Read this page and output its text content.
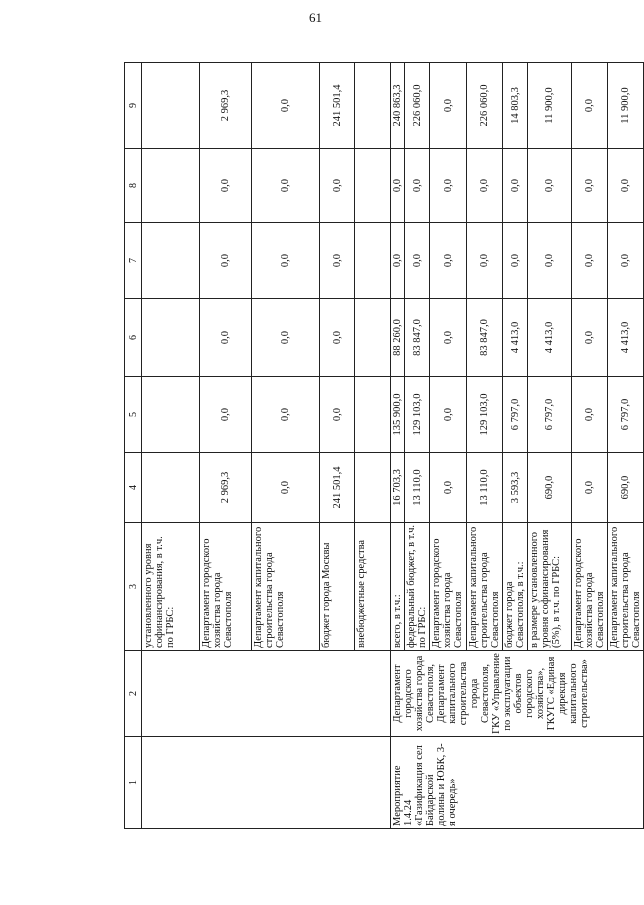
61
1	2	3	4	5	6	7	8	9
		установленного уровня софинансирования, в т.ч. по ГРБС:						
		Департамент городского хозяйства города Севастополя	2 969,3	0,0	0,0	0,0	0,0	2 969,3
		Департамент капитального строительства города Севастополя	0,0	0,0	0,0	0,0	0,0	0,0
		бюджет города Москвы	241 501,4	0,0	0,0	0,0	0,0	241 501,4
		внебюджетные средства						
Мероприятие 1.4.24 «Газификация сел Байдарской долины и ЮБК, 3-я очередь»	Департамент городского хозяйства города Севастополя, Департамент капитального строительства города Севастополя, ГКУ «Управление по эксплуатации объектов городского хозяйства», ГКУГС «Единая дирекция капитального строительства»	всего, в т.ч.:	16 703,3	135 900,0	88 260,0	0,0	0,0	240 863,3
		федеральный бюджет, в т.ч. по ГРБС:	13 110,0	129 103,0	83 847,0	0,0	0,0	226 060,0
		Департамент городского хозяйства города Севастополя	0,0	0,0	0,0	0,0	0,0	0,0
		Департамент капитального строительства города Севастополя	13 110,0	129 103,0	83 847,0	0,0	0,0	226 060,0
		бюджет города Севастополя, в т.ч.:	3 593,3	6 797,0	4 413,0	0,0	0,0	14 803,3
		в размере установленного уровня софинансирования (5%), в т.ч. по ГРБС:	690,0	6 797,0	4 413,0	0,0	0,0	11 900,0
		Департамент городского хозяйства города Севастополя	0,0	0,0	0,0	0,0	0,0	0,0
		Департамент капитального строительства города Севастополя	690,0	6 797,0	4 413,0	0,0	0,0	11 900,0
